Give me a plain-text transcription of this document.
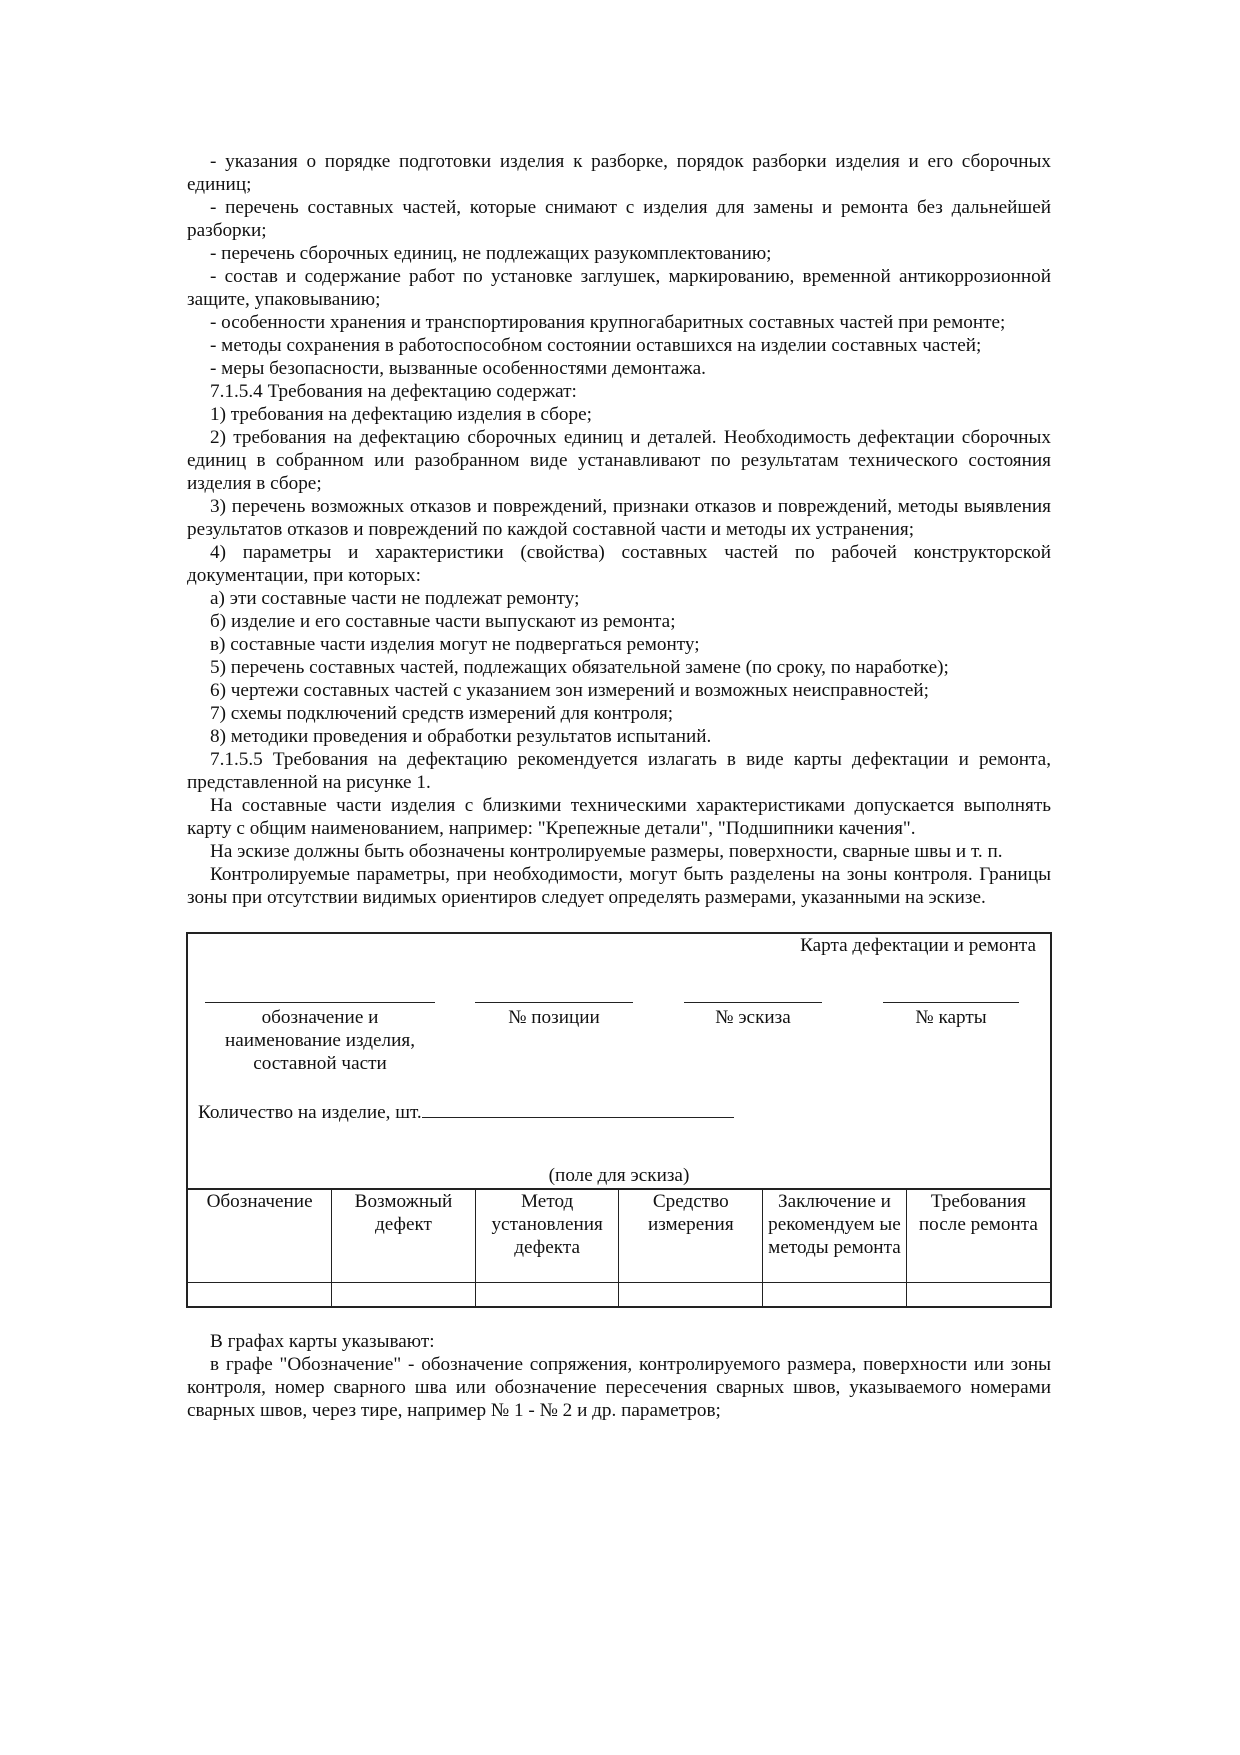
- указания о порядке подготовки изделия к разборке, порядок разборки изделия и его сборочных единиц;

- перечень составных частей, которые снимают с изделия для замены и ремонта без дальнейшей разборки;

- перечень сборочных единиц, не подлежащих разукомплектованию;

- состав и содержание работ по установке заглушек, маркированию, временной антикоррозионной защите, упаковыванию;

- особенности хранения и транспортирования крупногабаритных составных частей при ремонте;

- методы сохранения в работоспособном состоянии оставшихся на изделии составных частей;

- меры безопасности, вызванные особенностями демонтажа.

7.1.5.4 Требования на дефектацию содержат:

1) требования на дефектацию изделия в сборе;

2) требования на дефектацию сборочных единиц и деталей. Необходимость дефектации сборочных единиц в собранном или разобранном виде устанавливают по результатам технического состояния изделия в сборе;

3) перечень возможных отказов и повреждений, признаки отказов и повреждений, методы выявления результатов отказов и повреждений по каждой составной части и методы их устранения;

4) параметры и характеристики (свойства) составных частей по рабочей конструкторской документации, при которых:

а) эти составные части не подлежат ремонту;

б) изделие и его составные части выпускают из ремонта;

в) составные части изделия могут не подвергаться ремонту;

5) перечень составных частей, подлежащих обязательной замене (по сроку, по наработке);

6) чертежи составных частей с указанием зон измерений и возможных неисправностей;

7) схемы подключений средств измерений для контроля;

8) методики проведения и обработки результатов испытаний.

7.1.5.5 Требования на дефектацию рекомендуется излагать в виде карты дефектации и ремонта, представленной на рисунке 1.

На составные части изделия с близкими техническими характеристиками допускается выполнять карту с общим наименованием, например: "Крепежные детали", "Подшипники качения".

На эскизе должны быть обозначены контролируемые размеры, поверхности, сварные швы и т. п.

Контролируемые параметры, при необходимости, могут быть разделены на зоны контроля. Границы зоны при отсутствии видимых ориентиров следует определять размерами, указанными на эскизе.

Карта дефектации и ремонта
обозначение и наименование изделия, составной части
№ позиции	№ эскиза	№ карты
Количество на изделие, шт.
(поле для эскиза)
Обозначение	Возможный дефект	Метод установления дефекта	Средство измерения	Заключение и рекомендуем ые методы ремонта	Требования после ремонта

В графах карты указывают:

в графе "Обозначение" - обозначение сопряжения, контролируемого размера, поверхности или зоны контроля, номер сварного шва или обозначение пересечения сварных швов, указываемого номерами сварных швов, через тире, например № 1 - № 2 и др. параметров;
